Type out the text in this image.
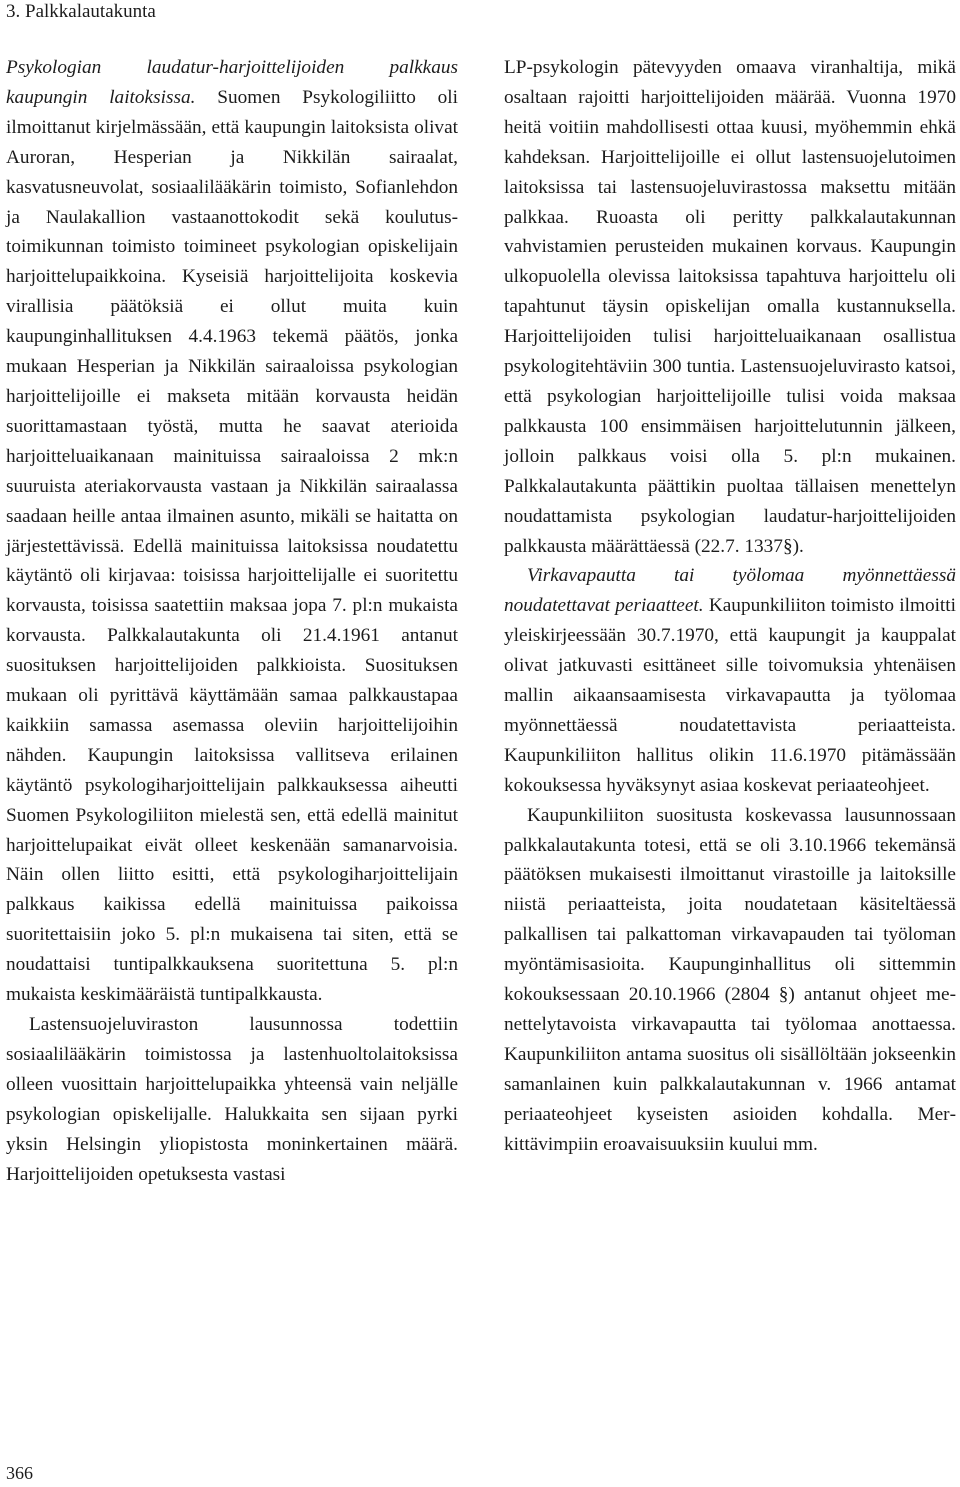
3. Palkkalautakunta

Psykologian laudatur-harjoittelijoiden palkkaus kaupungin laitoksissa. Suomen Psykologiliitto oli ilmoittanut kirjelmässään, että kaupungin laitoksista olivat Auroran, Hesperian ja Nikkilän sairaalat, kasvatusneuvolat, sosiaalilääkärin toimisto, Sofianlehdon ja Naulakallion vastaanottokodit sekä koulutustoimikunnan toimisto toimineet psykologian opiskelijain harjoittelupaikkoina. Kyseisiä harjoittelijoita koskevia virallisia päätöksiä ei ollut muita kuin kaupunginhallituksen 4.4.1963 tekemä päätös, jonka mukaan Hesperian ja Nikkilän sairaaloissa psykologian harjoittelijoille ei makseta mitään korvausta heidän suorittamastaan työstä, mutta he saavat aterioida harjoitteluaikanaan mainituissa sairaaloissa 2 mk:n suuruista ateriakorvausta vastaan ja Nikkilän sairaalassa saadaan heille antaa ilmainen asunto, mikäli se haitatta on järjestettävissä. Edellä mainituissa laitoksissa noudatettu käytäntö oli kirjavaa: toisissa harjoittelijalle ei suoritettu korvausta, toisissa saatettiin maksaa jopa 7. pl:n mukaista korvausta. Palkkalautakunta oli 21.4.1961 antanut suosituksen harjoittelijoiden palkkioista. Suosituksen mukaan oli pyrittävä käyttämään samaa palkkaustapaa kaikkiin samassa asemassa oleviin harjoittelijoihin nähden. Kaupungin laitoksissa vallitseva erilainen käytäntö psykologiharjoittelijain palkkauksessa aiheutti Suomen Psykologiliiton mielestä sen, että edellä mainitut harjoittelupaikat eivät olleet keskenään samanarvoisia. Näin ollen liitto esitti, että psykologiharjoittelijain palkkaus kaikissa edellä mainituissa paikoissa suoritettaisiin joko 5. pl:n mukaisena tai siten, että se noudattaisi tuntipalkkauksena suoritettuna 5. pl:n mukaista keskimääräistä tuntipalkkausta.

Lastensuojeluviraston lausunnossa todettiin sosiaalilääkärin toimistossa ja lastenhuoltolaitoksissa olleen vuosittain harjoittelupaikka yhteensä vain neljälle psykologian opiskelijalle. Halukkaita sen sijaan pyrki yksin Helsingin yliopistosta moninkertainen määrä. Harjoittelijoiden opetuksesta vastasi

LP-psykologin pätevyyden omaava viranhaltija, mikä osaltaan rajoitti harjoittelijoiden määrää. Vuonna 1970 heitä voitiin mahdollisesti ottaa kuusi, myöhemmin ehkä kahdeksan. Harjoittelijoille ei ollut lastensuojelutoimen laitoksissa tai lastensuojeluvirastossa maksettu mitään palkkaa. Ruoasta oli peritty palkkalautakunnan vahvistamien perusteiden mukainen korvaus. Kaupungin ulkopuolella olevissa laitoksissa tapahtuva harjoittelu oli tapahtunut täysin opiskelijan omalla kustannuksella. Harjoittelijoiden tulisi harjoitteluaikanaan osallistua psykologitehtäviin 300 tuntia. Lastensuojeluvirasto katsoi, että psykologian harjoittelijoille tulisi voida maksaa palkkausta 100 ensimmäisen harjoittelutunnin jälkeen, jolloin palkkaus voisi olla 5. pl:n mukainen. Palkkalautakunta päättikin puoltaa tällaisen menettelyn noudattamista psykologian laudatur-harjoittelijoiden palkkausta määrättäessä (22.7. 1337§).

Virkavapautta tai työlomaa myönnettäessä noudatettavat periaatteet. Kaupunkiliiton toimisto ilmoitti yleiskirjeessään 30.7.1970, että kaupungit ja kauppalat olivat jatkuvasti esittäneet sille toivomuksia yhtenäisen mallin aikaansaamisesta virkavapautta ja työlomaa myönnettäessä noudatettavista periaatteista. Kaupunkiliiton hallitus olikin 11.6.1970 pitämässään kokouksessa hyväksynyt asiaa koskevat periaateohjeet.

Kaupunkiliiton suositusta koskevassa lausunnossaan palkkalautakunta totesi, että se oli 3.10.1966 tekemänsä päätöksen mukaisesti ilmoittanut virastoille ja laitoksille niistä periaatteista, joita noudatetaan käsiteltäessä palkallisen tai palkattoman virkavapauden tai työloman myöntämisasioita. Kaupunginhallitus oli sittemmin kokouksessaan 20.10.1966 (2804 §) antanut ohjeet menettelytavoista virkavapautta tai työlomaa anottaessa. Kaupunkiliiton antama suositus oli sisällöltään jokseenkin samanlainen kuin palkkalautakunnan v. 1966 antamat periaateohjeet kyseisten asioiden kohdalla. Merkittävimpiin eroavaisuuksiin kuului mm.

366
